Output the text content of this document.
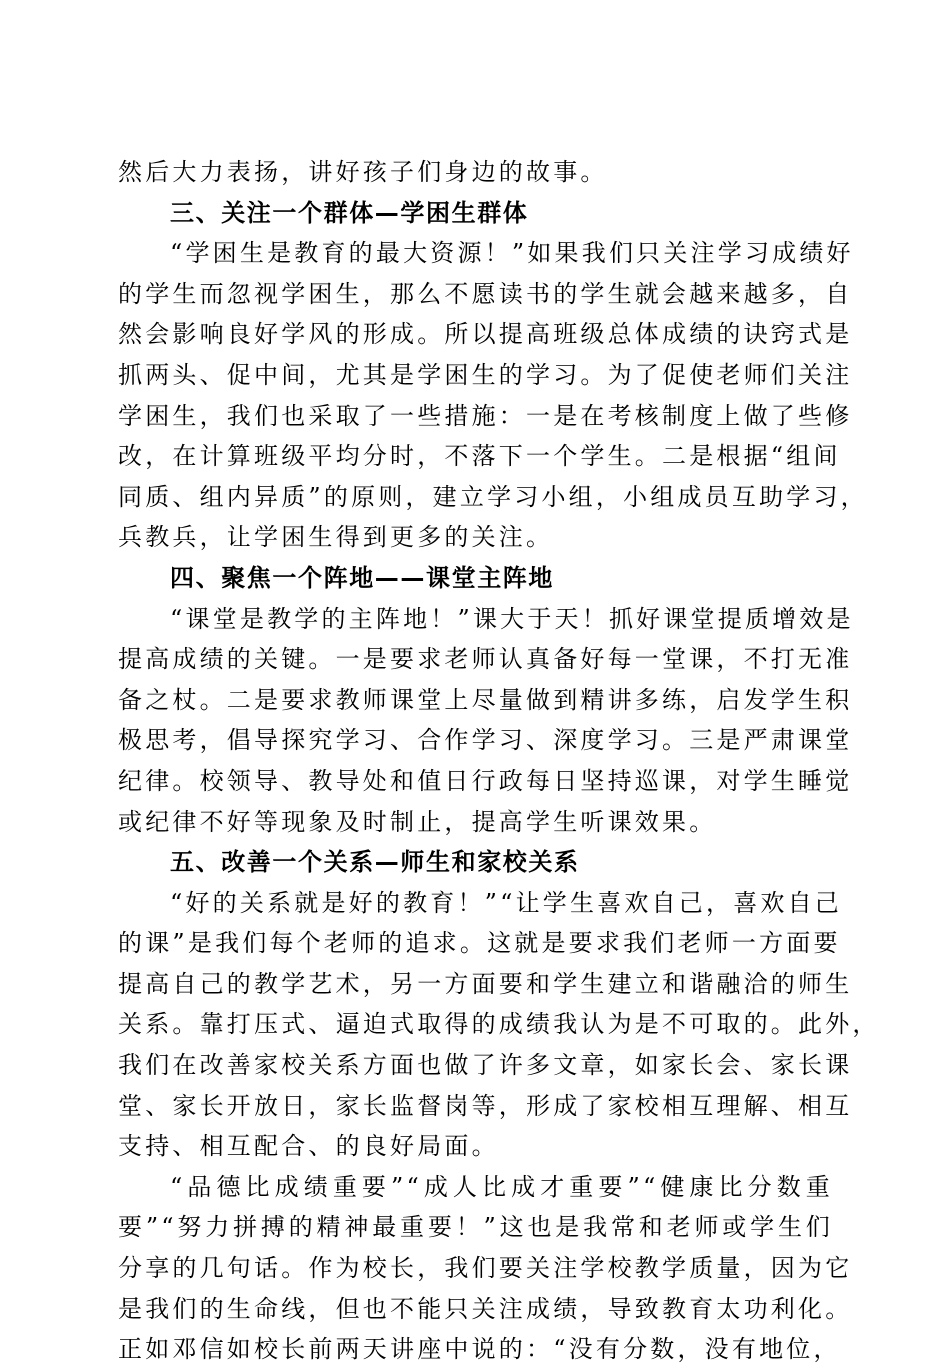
然后大力表扬，讲好孩子们身边的故事。
三、关注一个群体—学困生群体
“学困生是教育的最大资源！”如果我们只关注学习成绩好
的学生而忽视学困生，那么不愿读书的学生就会越来越多，自
然会影响良好学风的形成。所以提高班级总体成绩的诀窍式是
抓两头、促中间，尤其是学困生的学习。为了促使老师们关注
学困生，我们也采取了一些措施：一是在考核制度上做了些修
改，在计算班级平均分时，不落下一个学生。二是根据“组间
同质、组内异质”的原则，建立学习小组，小组成员互助学习，
兵教兵，让学困生得到更多的关注。
四、聚焦一个阵地——课堂主阵地
“课堂是教学的主阵地！”课大于天！抓好课堂提质增效是
提高成绩的关键。一是要求老师认真备好每一堂课，不打无准
备之杖。二是要求教师课堂上尽量做到精讲多练，启发学生积
极思考，倡导探究学习、合作学习、深度学习。三是严肃课堂
纪律。校领导、教导处和值日行政每日坚持巡课，对学生睡觉
或纪律不好等现象及时制止，提高学生听课效果。
五、改善一个关系—师生和家校关系
“好的关系就是好的教育！”“让学生喜欢自己，喜欢自己
的课”是我们每个老师的追求。这就是要求我们老师一方面要
提高自己的教学艺术，另一方面要和学生建立和谐融洽的师生
关系。靠打压式、逼迫式取得的成绩我认为是不可取的。此外，
我们在改善家校关系方面也做了许多文章，如家长会、家长课
堂、家长开放日，家长监督岗等，形成了家校相互理解、相互
支持、相互配合、的良好局面。
“品德比成绩重要”“成人比成才重要”“健康比分数重
要”“努力拼搏的精神最重要！”这也是我常和老师或学生们
分享的几句话。作为校长，我们要关注学校教学质量，因为它
是我们的生命线，但也不能只关注成绩，导致教育太功利化。
正如邓信如校长前两天讲座中说的：“没有分数，没有地位，
